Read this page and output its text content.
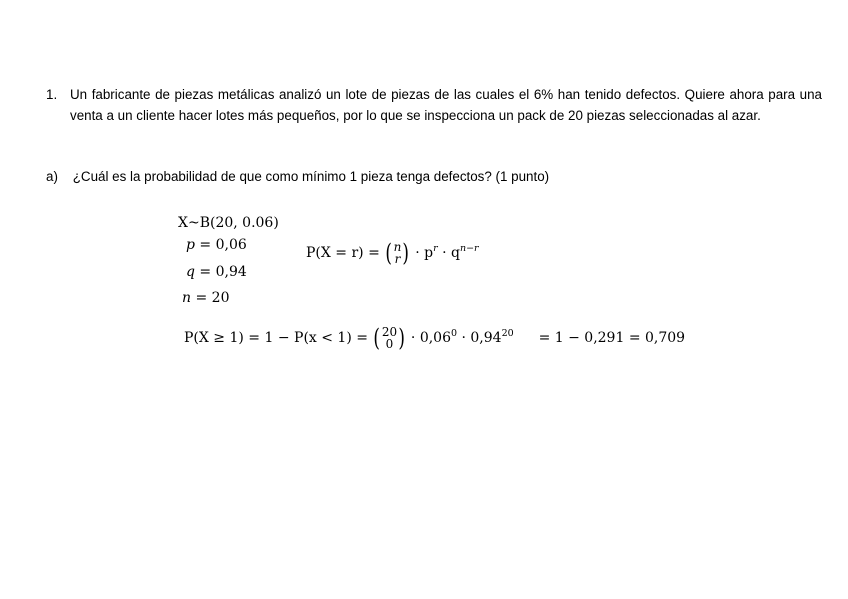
1. Un fabricante de piezas metálicas analizó un lote de piezas de las cuales el 6% han tenido defectos. Quiere ahora para una venta a un cliente hacer lotes más pequeños, por lo que se inspecciona un pack de 20 piezas seleccionadas al azar.
a) ¿Cuál es la probabilidad de que como mínimo 1 pieza tenga defectos? (1 punto)
X~B(20, 0.06)
p = 0,06
q = 0,94
n = 20
P(X = r) = ( n
r ) · $p^r \cdot q^{n-r}$
P(X ≥ 1) = 1 − P(x < 1) = ( 20
0 ) · $0,06^0 \cdot 0,94^{20} = 1 - 0,291 = 0,709$
